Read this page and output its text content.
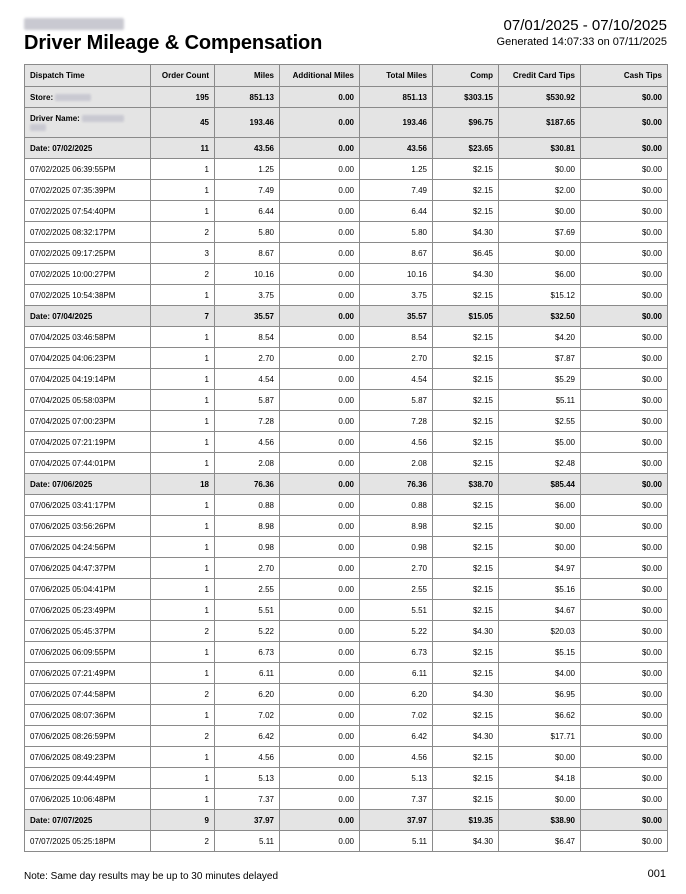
Driver Mileage & Compensation
07/01/2025 - 07/10/2025
Generated 14:07:33 on 07/11/2025
Dispatch Time	Order Count	Miles	Additional Miles	Total Miles	Comp	Credit Card Tips	Cash Tips
Store:	195	851.13	0.00	851.13	$303.15	$530.92	$0.00
Driver Name:	45	193.46	0.00	193.46	$96.75	$187.65	$0.00
Date: 07/02/2025	11	43.56	0.00	43.56	$23.65	$30.81	$0.00
07/02/2025 06:39:55PM	1	1.25	0.00	1.25	$2.15	$0.00	$0.00
07/02/2025 07:35:39PM	1	7.49	0.00	7.49	$2.15	$2.00	$0.00
07/02/2025 07:54:40PM	1	6.44	0.00	6.44	$2.15	$0.00	$0.00
07/02/2025 08:32:17PM	2	5.80	0.00	5.80	$4.30	$7.69	$0.00
07/02/2025 09:17:25PM	3	8.67	0.00	8.67	$6.45	$0.00	$0.00
07/02/2025 10:00:27PM	2	10.16	0.00	10.16	$4.30	$6.00	$0.00
07/02/2025 10:54:38PM	1	3.75	0.00	3.75	$2.15	$15.12	$0.00
Date: 07/04/2025	7	35.57	0.00	35.57	$15.05	$32.50	$0.00
07/04/2025 03:46:58PM	1	8.54	0.00	8.54	$2.15	$4.20	$0.00
07/04/2025 04:06:23PM	1	2.70	0.00	2.70	$2.15	$7.87	$0.00
07/04/2025 04:19:14PM	1	4.54	0.00	4.54	$2.15	$5.29	$0.00
07/04/2025 05:58:03PM	1	5.87	0.00	5.87	$2.15	$5.11	$0.00
07/04/2025 07:00:23PM	1	7.28	0.00	7.28	$2.15	$2.55	$0.00
07/04/2025 07:21:19PM	1	4.56	0.00	4.56	$2.15	$5.00	$0.00
07/04/2025 07:44:01PM	1	2.08	0.00	2.08	$2.15	$2.48	$0.00
Date: 07/06/2025	18	76.36	0.00	76.36	$38.70	$85.44	$0.00
07/06/2025 03:41:17PM	1	0.88	0.00	0.88	$2.15	$6.00	$0.00
07/06/2025 03:56:26PM	1	8.98	0.00	8.98	$2.15	$0.00	$0.00
07/06/2025 04:24:56PM	1	0.98	0.00	0.98	$2.15	$0.00	$0.00
07/06/2025 04:47:37PM	1	2.70	0.00	2.70	$2.15	$4.97	$0.00
07/06/2025 05:04:41PM	1	2.55	0.00	2.55	$2.15	$5.16	$0.00
07/06/2025 05:23:49PM	1	5.51	0.00	5.51	$2.15	$4.67	$0.00
07/06/2025 05:45:37PM	2	5.22	0.00	5.22	$4.30	$20.03	$0.00
07/06/2025 06:09:55PM	1	6.73	0.00	6.73	$2.15	$5.15	$0.00
07/06/2025 07:21:49PM	1	6.11	0.00	6.11	$2.15	$4.00	$0.00
07/06/2025 07:44:58PM	2	6.20	0.00	6.20	$4.30	$6.95	$0.00
07/06/2025 08:07:36PM	1	7.02	0.00	7.02	$2.15	$6.62	$0.00
07/06/2025 08:26:59PM	2	6.42	0.00	6.42	$4.30	$17.71	$0.00
07/06/2025 08:49:23PM	1	4.56	0.00	4.56	$2.15	$0.00	$0.00
07/06/2025 09:44:49PM	1	5.13	0.00	5.13	$2.15	$4.18	$0.00
07/06/2025 10:06:48PM	1	7.37	0.00	7.37	$2.15	$0.00	$0.00
Date: 07/07/2025	9	37.97	0.00	37.97	$19.35	$38.90	$0.00
07/07/2025 05:25:18PM	2	5.11	0.00	5.11	$4.30	$6.47	$0.00
Note: Same day results may be up to 30 minutes delayed	001
